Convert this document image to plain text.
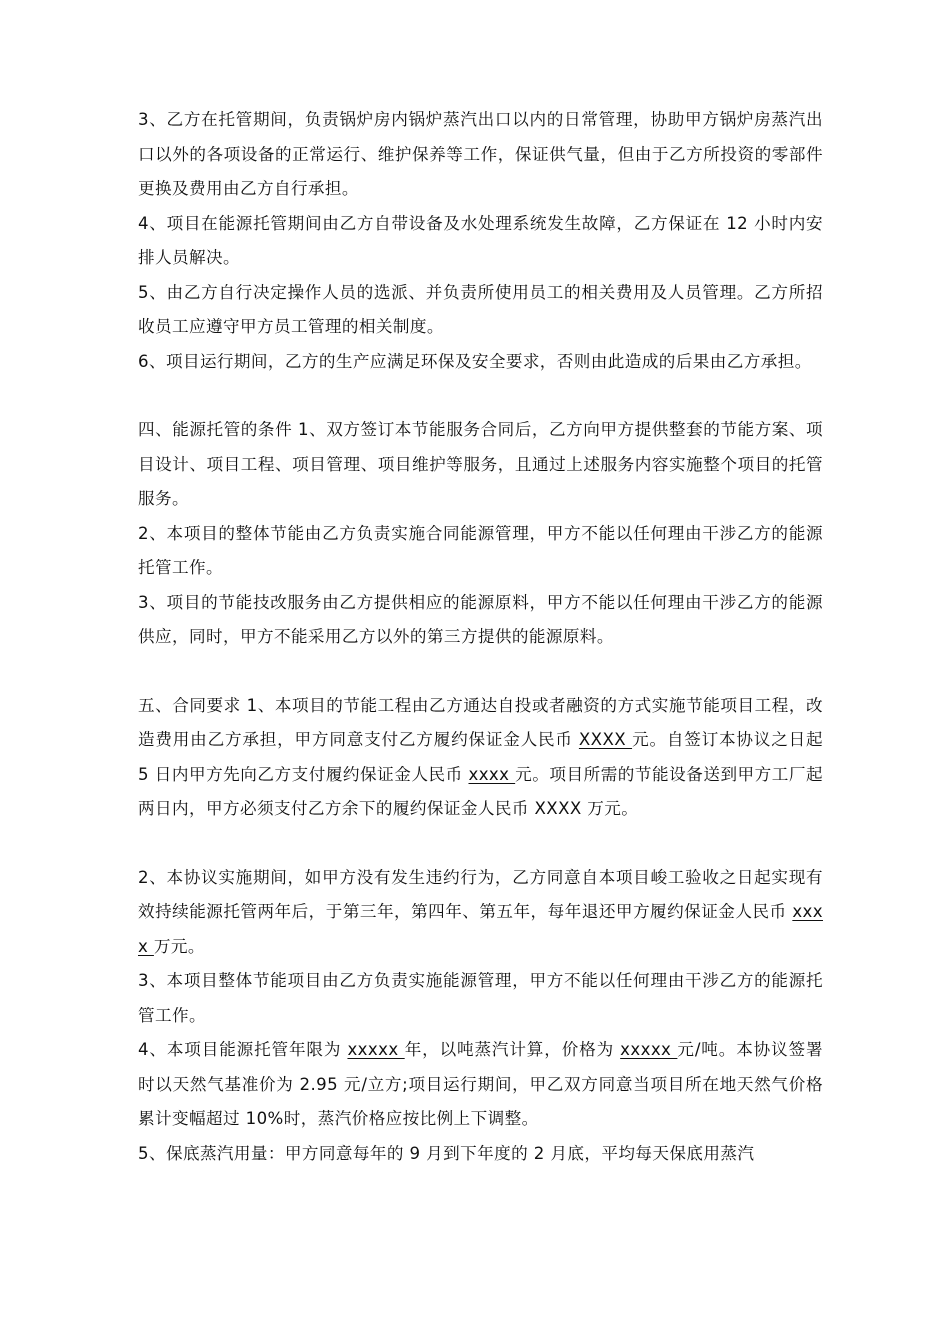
3、乙方在托管期间，负责锅炉房内锅炉蒸汽出口以内的日常管理，协助甲方锅炉房蒸汽出口以外的各项设备的正常运行、维护保养等工作，保证供气量，但由于乙方所投资的零部件更换及费用由乙方自行承担。

4、项目在能源托管期间由乙方自带设备及水处理系统发生故障，乙方保证在 12 小时内安排人员解决。

5、由乙方自行决定操作人员的选派、并负责所使用员工的相关费用及人员管理。乙方所招收员工应遵守甲方员工管理的相关制度。

6、项目运行期间，乙方的生产应满足环保及安全要求，否则由此造成的后果由乙方承担。

四、能源托管的条件 1、双方签订本节能服务合同后，乙方向甲方提供整套的节能方案、项目设计、项目工程、项目管理、项目维护等服务，且通过上述服务内容实施整个项目的托管服务。

2、本项目的整体节能由乙方负责实施合同能源管理，甲方不能以任何理由干涉乙方的能源托管工作。

3、项目的节能技改服务由乙方提供相应的能源原料，甲方不能以任何理由干涉乙方的能源供应，同时，甲方不能采用乙方以外的第三方提供的能源原料。

五、合同要求 1、本项目的节能工程由乙方通达自投或者融资的方式实施节能项目工程，改造费用由乙方承担，甲方同意支付乙方履约保证金人民币 XXXX 元。自签订本协议之日起 5 日内甲方先向乙方支付履约保证金人民币 xxxx 元。项目所需的节能设备送到甲方工厂起两日内，甲方必须支付乙方余下的履约保证金人民币 XXXX 万元。

2、本协议实施期间，如甲方没有发生违约行为，乙方同意自本项目峻工验收之日起实现有效持续能源托管两年后，于第三年，第四年、第五年，每年退还甲方履约保证金人民币 xxxx 万元。

3、本项目整体节能项目由乙方负责实施能源管理，甲方不能以任何理由干涉乙方的能源托管工作。

4、本项目能源托管年限为 xxxxx 年，以吨蒸汽计算，价格为 xxxxx 元/吨。本协议签署时以天然气基准价为 2.95 元/立方;项目运行期间，甲乙双方同意当项目所在地天然气价格累计变幅超过 10%时，蒸汽价格应按比例上下调整。

5、保底蒸汽用量：甲方同意每年的 9 月到下年度的 2 月底，平均每天保底用蒸汽
